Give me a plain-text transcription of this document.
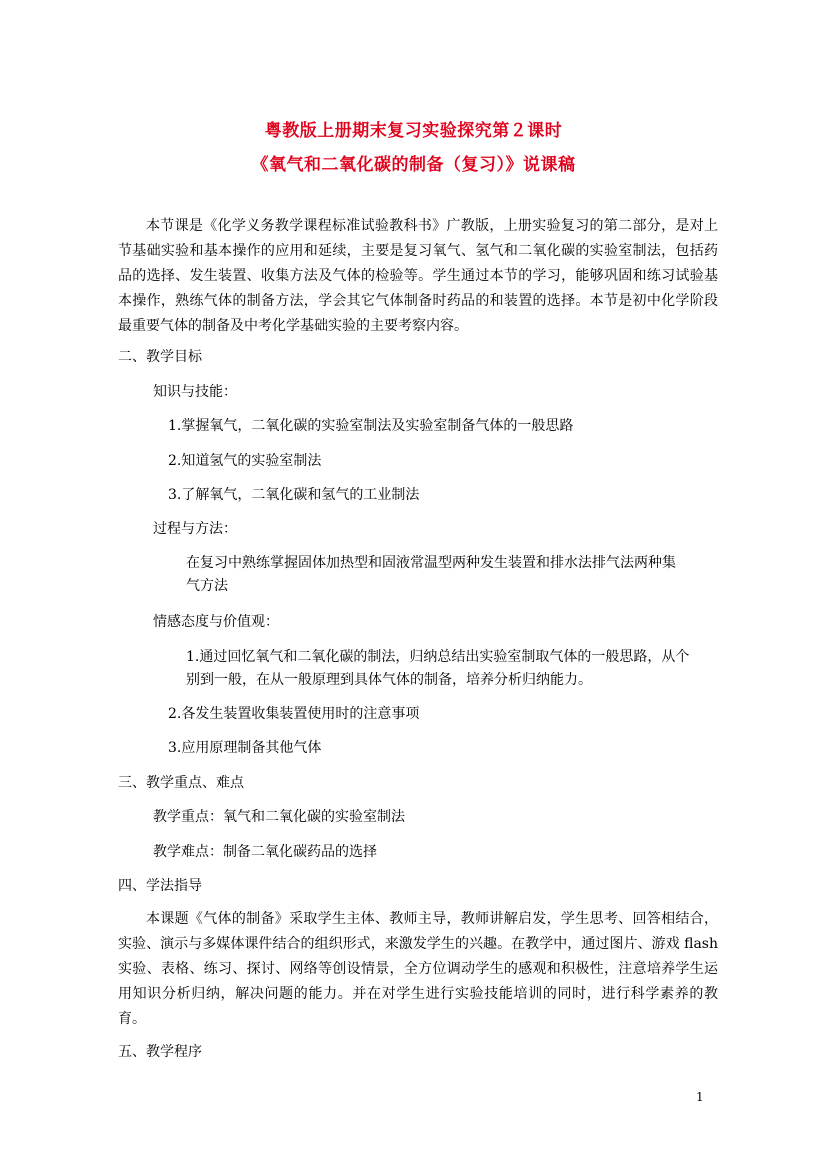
粤教版上册期末复习实验探究第２课时
《氧气和二氧化碳的制备（复习）》说课稿
本节课是《化学义务教学课程标准试验教科书》广教版，上册实验复习的第二部分，是对上节基础实验和基本操作的应用和延续，主要是复习氧气、氢气和二氧化碳的实验室制法，包括药品的选择、发生装置、收集方法及气体的检验等。学生通过本节的学习，能够巩固和练习试验基本操作，熟练气体的制备方法，学会其它气体制备时药品的和装置的选择。本节是初中化学阶段最重要气体的制备及中考化学基础实验的主要考察内容。
二、教学目标
知识与技能：
1.掌握氧气，二氧化碳的实验室制法及实验室制备气体的一般思路
2.知道氢气的实验室制法
3.了解氧气，二氧化碳和氢气的工业制法
过程与方法：
在复习中熟练掌握固体加热型和固液常温型两种发生装置和排水法排气法两种集
气方法
情感态度与价值观：
1.通过回忆氧气和二氧化碳的制法，归纳总结出实验室制取气体的一般思路，从个
别到一般，在从一般原理到具体气体的制备，培养分析归纳能力。
2.各发生装置收集装置使用时的注意事项
3.应用原理制备其他气体
三、教学重点、难点
教学重点：氧气和二氧化碳的实验室制法
教学难点：制备二氧化碳药品的选择
四、学法指导
本课题《气体的制备》采取学生主体、教师主导，教师讲解启发，学生思考、回答相结合，实验、演示与多媒体课件结合的组织形式，来激发学生的兴趣。在教学中，通过图片、游戏 flash实验、表格、练习、探讨、网络等创设情景，全方位调动学生的感观和积极性，注意培养学生运用知识分析归纳，解决问题的能力。并在对学生进行实验技能培训的同时，进行科学素养的教育。
五、教学程序
1
